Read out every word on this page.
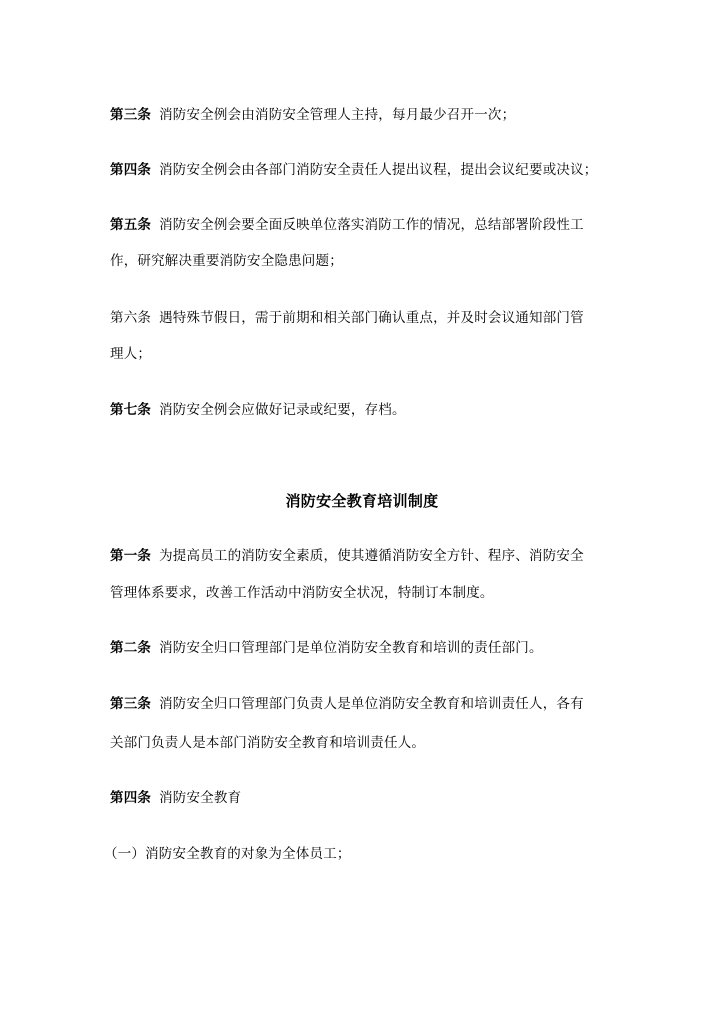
第三条 消防安全例会由消防安全管理人主持，每月最少召开一次；
第四条 消防安全例会由各部门消防安全责任人提出议程，提出会议纪要或决议；
第五条 消防安全例会要全面反映单位落实消防工作的情况，总结部署阶段性工
作，研究解决重要消防安全隐患问题；
第六条 遇特殊节假日，需于前期和相关部门确认重点，并及时会议通知部门管
理人；
第七条 消防安全例会应做好记录或纪要，存档。
消防安全教育培训制度
第一条 为提高员工的消防安全素质，使其遵循消防安全方针、程序、消防安全
管理体系要求，改善工作活动中消防安全状况，特制订本制度。
第二条 消防安全归口管理部门是单位消防安全教育和培训的责任部门。
第三条 消防安全归口管理部门负责人是单位消防安全教育和培训责任人，各有
关部门负责人是本部门消防安全教育和培训责任人。
第四条 消防安全教育
（一）消防安全教育的对象为全体员工；
